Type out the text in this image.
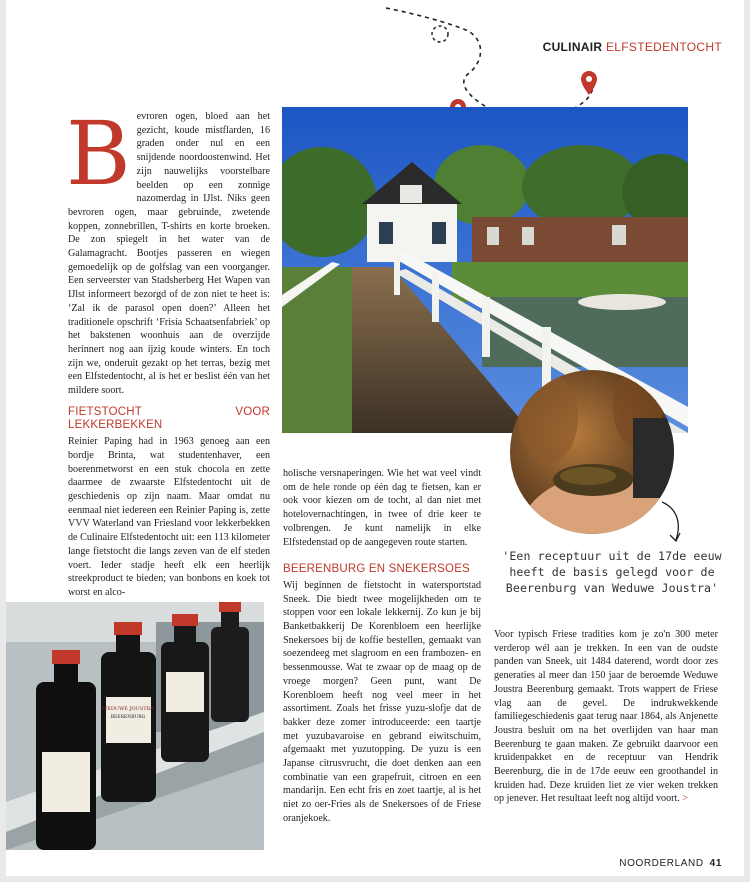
CULINAIR ELFSTEDENTOCHT
WEDUWE JOUSTRA
BEERENBURG

Bevroren ogen, bloed aan het gezicht, koude mistflarden, 16 graden onder nul en een snijdende noordoostenwind. Het zijn nauwelijks voorstelbare beelden op een zonnige nazomerdag in IJlst. Niks geen bevroren ogen, maar gebruinde, zwetende koppen, zonnebrillen, T-shirts en korte broeken. De zon spiegelt in het water van de Galamagracht. Bootjes passeren en wiegen gemoedelijk op de golfslag van een voorganger. Een serveerster van Stadsherberg Het Wapen van IJlst informeert bezorgd of de zon niet te heet is: ‘Zal ik de parasol open doen?’ Alleen het traditionele opschrift ‘Frisia Schaatsenfabriek’ op het bakstenen woonhuis aan de overzijde herinnert nog aan ijzig koude winters. En toch zijn we, onderuit gezakt op het terras, bezig met een Elfstedentocht, al is het er beslist één van het mildere soort.

FIETSTOCHT VOOR LEKKERBEKKEN

Reinier Paping had in 1963 genoeg aan een bordje Brinta, wat studentenhaver, een boerenmetworst en een stuk chocola en zette daarmee de zwaarste Elfstedentocht uit de geschiedenis op zijn naam. Maar omdat nu eenmaal niet iedereen een Reinier Paping is, zette VVV Waterland van Friesland voor lekkerbekken de Culinaire Elfstedentocht uit: een 113 kilometer lange fietstocht die langs zeven van de elf steden voert. Ieder stadje heeft elk een heerlijk streekproduct te bieden; van bonbons en koek tot worst en alco-

holische versnaperingen. Wie het wat veel vindt om de hele ronde op één dag te fietsen, kan er ook voor kiezen om de tocht, al dan niet met hotelovernachtingen, in twee of drie keer te volbrengen. Je kunt namelijk in elke Elfstedenstad op de aangegeven route starten.

BEERENBURG EN SNEKERSOES

Wij beginnen de fietstocht in watersportstad Sneek. Die biedt twee mogelijkheden om te stoppen voor een lokale lekkernij. Zo kun je bij Banketbakkerij De Korenbloem een heerlijke Snekersoes bij de koffie bestellen, gemaakt van soezendeeg met slagroom en een frambozen- en bessenmousse. Wat te zwaar op de maag op de vroege morgen? Geen punt, want De Korenbloem heeft nog veel meer in het assortiment. Zoals het frisse yuzu-slofje dat de bakker deze zomer introduceerde: een taartje met yuzubavaroise en gebrand eiwitschuim, afgemaakt met yuzutopping. De yuzu is een Japanse citrusvrucht, die doet denken aan een combinatie van een grapefruit, citroen en een mandarijn. Een echt fris en zoet taartje, al is het niet zo oer-Fries als de Snekersoes of de Friese oranjekoek.

'Een receptuur uit de 17de eeuw heeft de basis gelegd voor de Beerenburg van Weduwe Joustra'

Voor typisch Friese tradities kom je zo'n 300 meter verderop wél aan je trekken. In een van de oudste panden van Sneek, uit 1484 daterend, wordt door zes generaties al meer dan 150 jaar de beroemde Weduwe Joustra Beerenburg gemaakt. Trots wappert de Friese vlag aan de gevel. De indrukwekkende familiegeschiedenis gaat terug naar 1864, als Anjenette Joustra besluit om na het overlijden van haar man Beerenburg te gaan maken. Ze gebruikt daarvoor een kruidenpakket en de receptuur van Hendrik Beerenburg, die in de 17de eeuw een groothandel in kruiden had. Deze kruiden liet ze vier weken trekken op jenever. Het resultaat leeft nog altijd voort. >

NOORDERLAND 41
